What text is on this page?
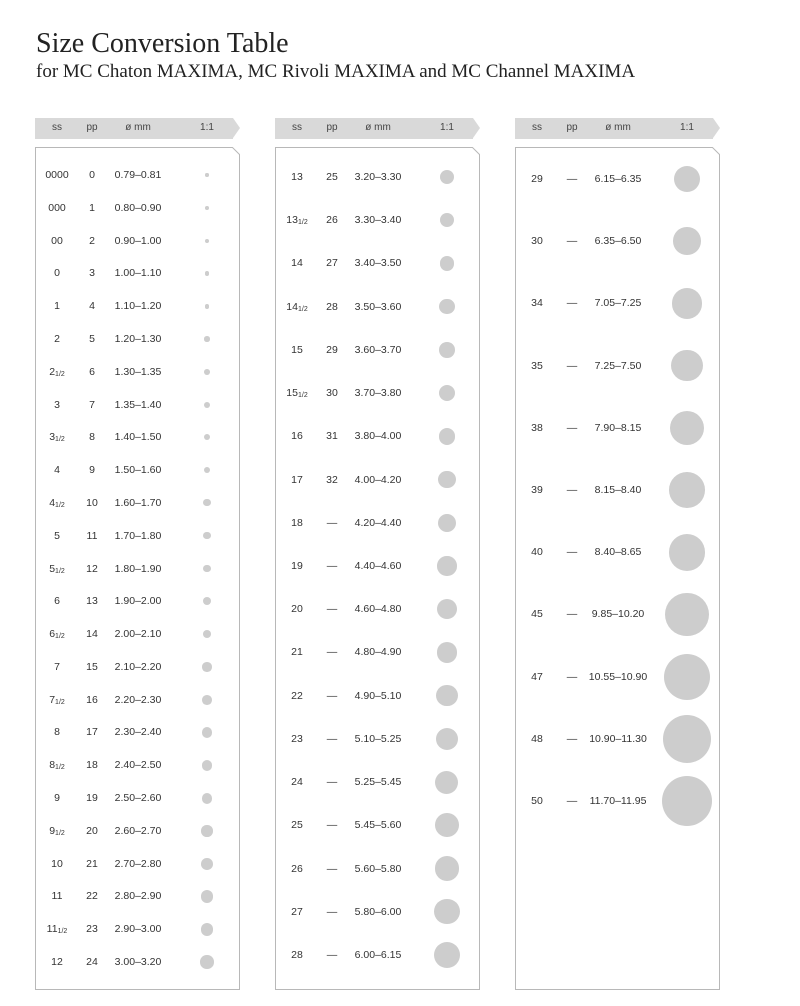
Size Conversion Table
for MC Chaton MAXIMA, MC Rivoli MAXIMA and MC Channel MAXIMA
ss pp	ø mm	1:1
0000 0 0.79–0.81
000 1 0.80–0.90
00 2 0.90–1.00
0	3 1.00–1.10
1	4 1.10–1.20
2	5 1.20–1.30
$2_{1/2}$ 6 1.30–1.35
3	7 1.35–1.40
$3_{1/2}$ 8 1.40–1.50
4	9 1.50–1.60
$4_{1/2}$ 10 1.60–1.70
5	11 1.70–1.80
$5_{1/2}$ 12 1.80–1.90
6 13 1.90–2.00
$6_{1/2}$ 14 2.00–2.10
7 15 2.10–2.20
$7_{1/2}$ 16 2.20–2.30
8 17 2.30–2.40
$8_{1/2}$ 18 2.40–2.50
9 19 2.50–2.60
$9_{1/2}$ 20 2.60–2.70
10 21 2.70–2.80
11 22 2.80–2.90
$11_{1/2}$ 23 2.90–3.00
12 24 3.00–3.20
ss pp	ø mm	1:1
13 25 3.20–3.30
$13_{1/2}$ 26 3.30–3.40
14 27 3.40–3.50
$14_{1/2}$ 28 3.50–3.60
15 29 3.60–3.70
$15_{1/2}$ 30 3.70–3.80
16 31 3.80–4.00
17 32 4.00–4.20
18 — 4.20–4.40
19 — 4.40–4.60
20 — 4.60–4.80
21 — 4.80–4.90
22 — 4.90–5.10
23 — 5.10–5.25
24 — 5.25–5.45
25 — 5.45–5.60
26 — 5.60–5.80
27 — 5.80–6.00
28 — 6.00–6.15
ss pp	ø mm	1:1
29 — 6.15–6.35
30 — 6.35–6.50
34 — 7.05–7.25
35 — 7.25–7.50
38 — 7.90–8.15
39 — 8.15–8.40
40 — 8.40–8.65
45 — 9.85–10.20
47 — 10.55–10.90
48 — 10.90–11.30
50 — 11.70–11.95
